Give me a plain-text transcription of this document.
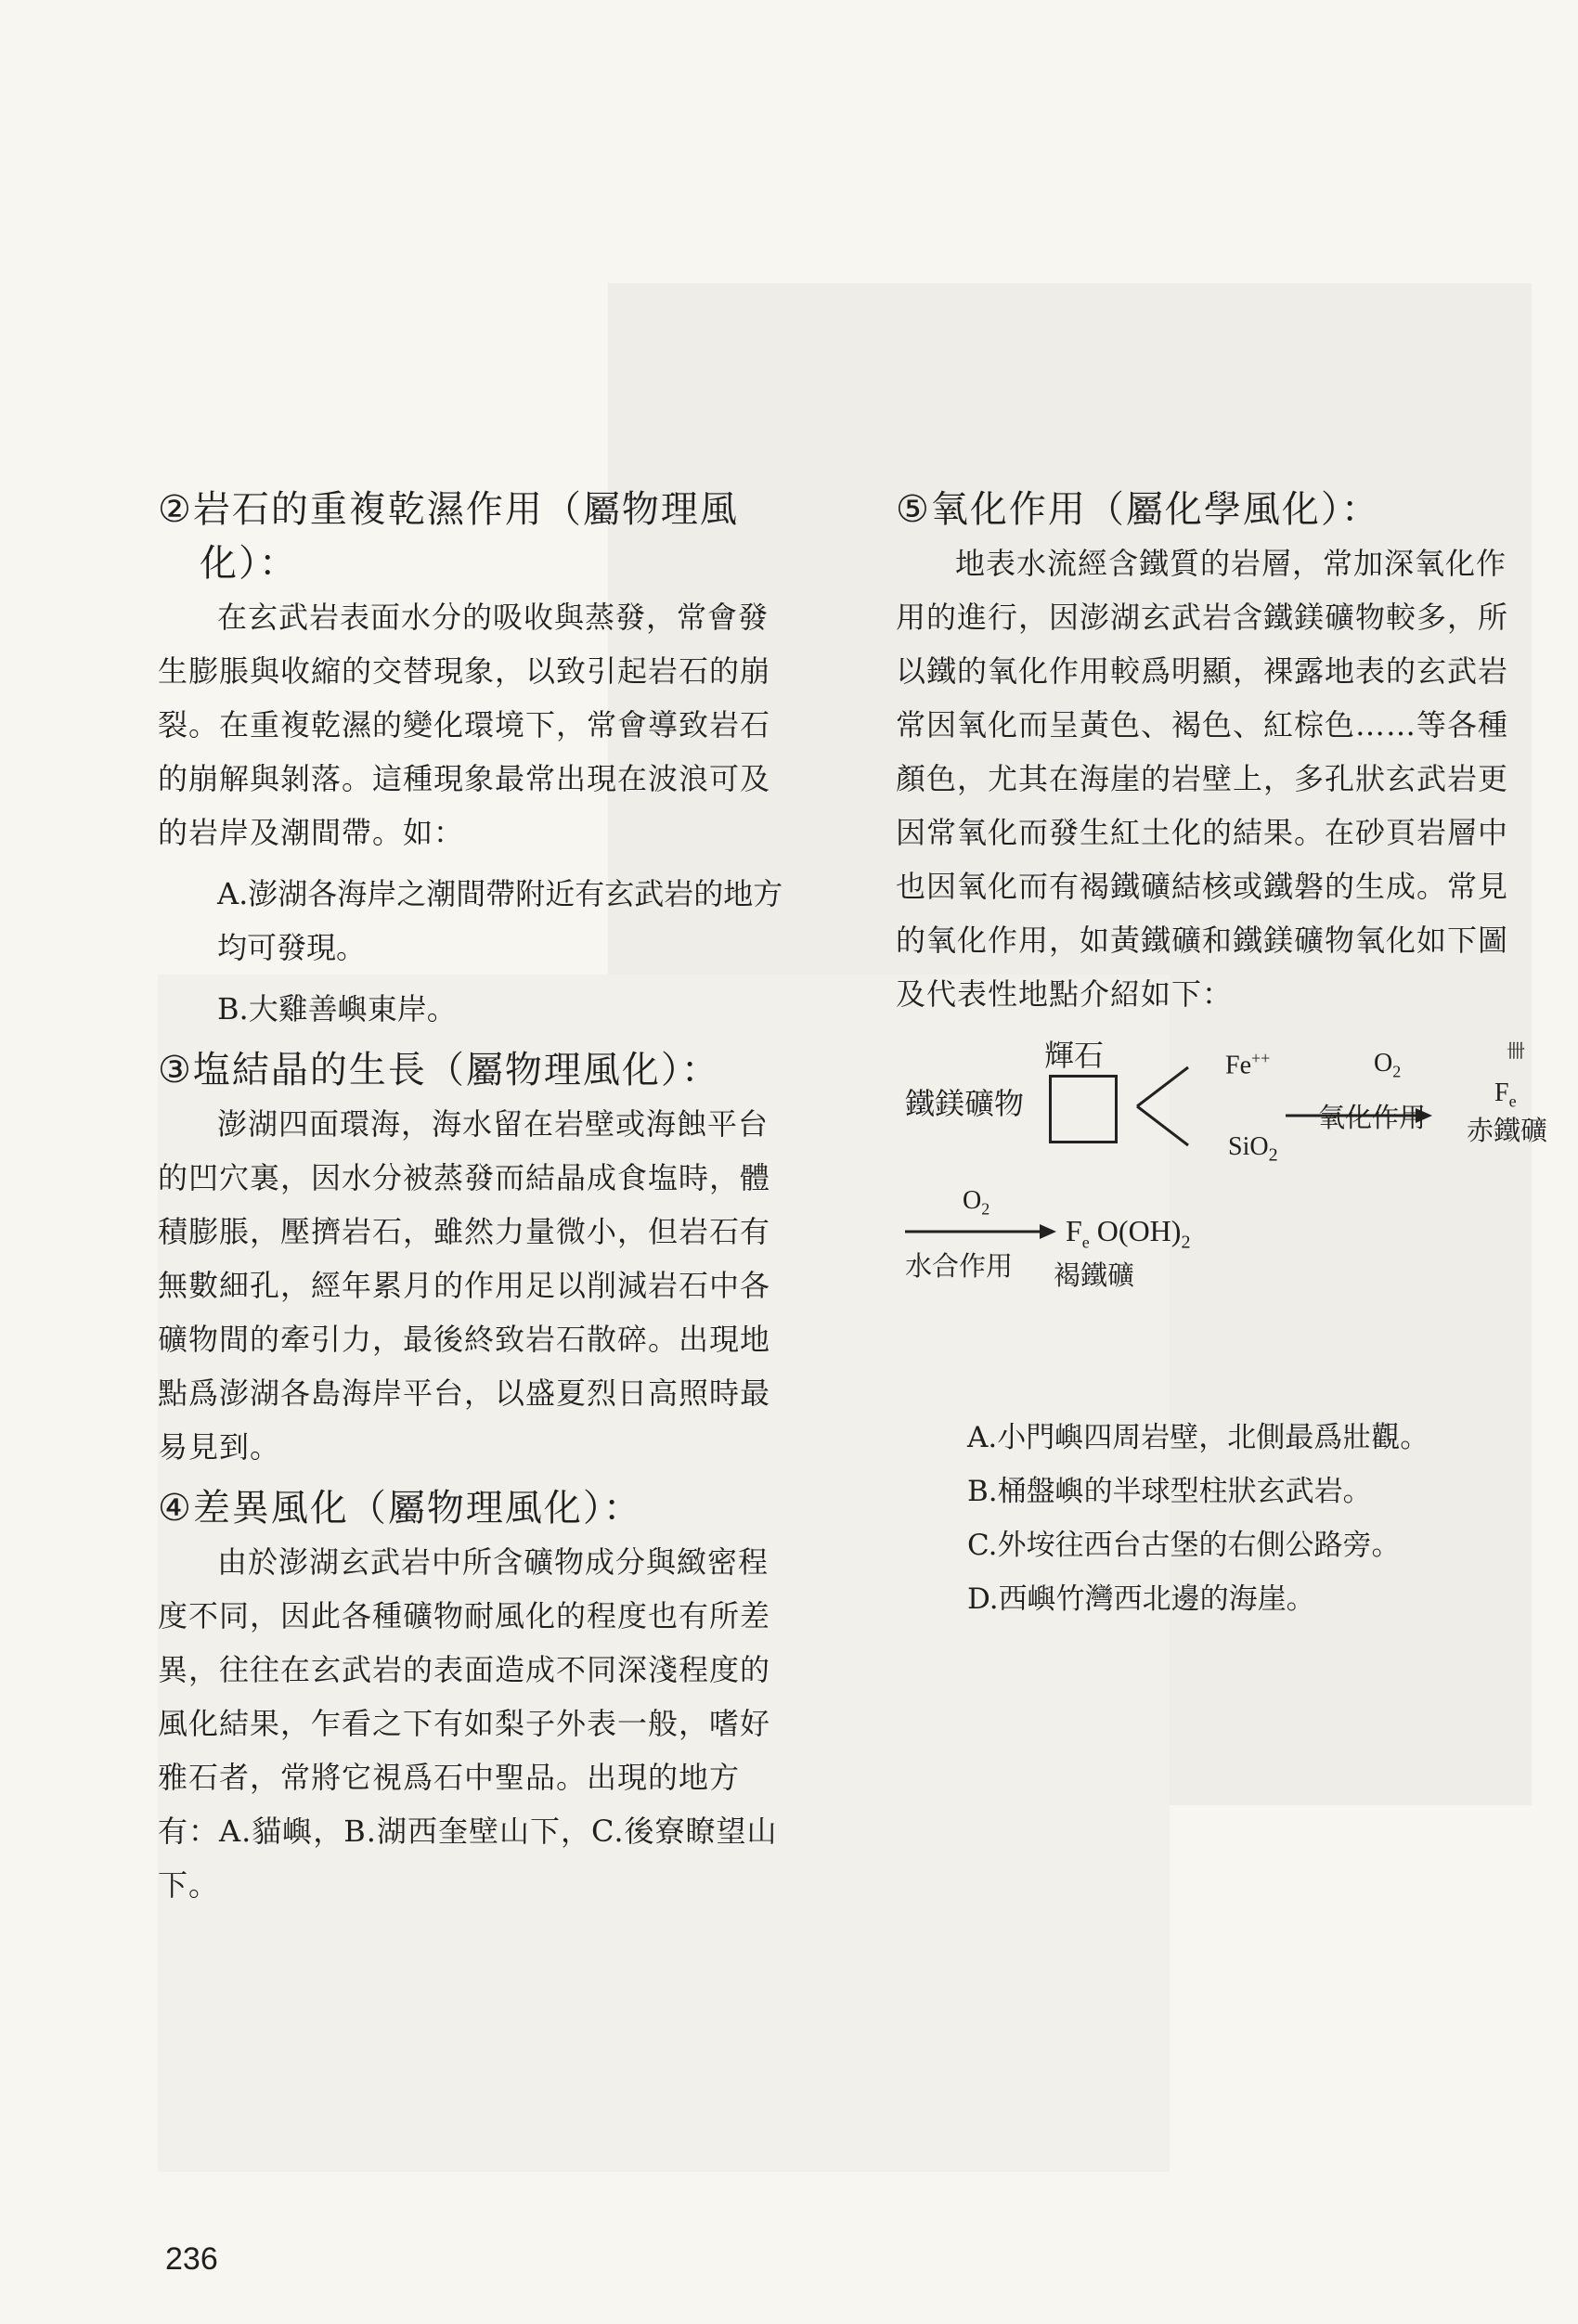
②岩石的重複乾濕作用（屬物理風
化）：

在玄武岩表面水分的吸收與蒸發，常會發生膨脹與收縮的交替現象，以致引起岩石的崩裂。在重複乾濕的變化環境下，常會導致岩石的崩解與剝落。這種現象最常出現在波浪可及的岩岸及潮間帶。如：

A.澎湖各海岸之潮間帶附近有玄武岩的地方均可發現。

B.大雞善嶼東岸。

③塩結晶的生長（屬物理風化）：

澎湖四面環海，海水留在岩壁或海蝕平台的凹穴裏，因水分被蒸發而結晶成食塩時，體積膨脹，壓擠岩石，雖然力量微小，但岩石有無數細孔，經年累月的作用足以削減岩石中各礦物間的牽引力，最後終致岩石散碎。出現地點爲澎湖各島海岸平台，以盛夏烈日高照時最易見到。

④差異風化（屬物理風化）：

由於澎湖玄武岩中所含礦物成分與緻密程度不同，因此各種礦物耐風化的程度也有所差異，往往在玄武岩的表面造成不同深淺程度的風化結果，乍看之下有如梨子外表一般，嗜好雅石者，常將它視爲石中聖品。出現的地方有：A.貓嶼，B.湖西奎壁山下，C.後寮瞭望山下。

⑤氧化作用（屬化學風化）：

地表水流經含鐵質的岩層，常加深氧化作用的進行，因澎湖玄武岩含鐵鎂礦物較多，所以鐵的氧化作用較爲明顯，裸露地表的玄武岩常因氧化而呈黃色、褐色、紅棕色……等各種顏色，尤其在海崖的岩壁上，多孔狀玄武岩更因常氧化而發生紅土化的結果。在砂頁岩層中也因氧化而有褐鐵礦結核或鐵磐的生成。常見的氧化作用，如黃鐵礦和鐵鎂礦物氧化如下圖及代表性地點介紹如下：

輝石
鐵鎂礦物
Fe++
SiO$_2$
$O_2$
氧化作用
卌
$F_e$
赤鐵礦
$O_2$
水合作用
$F_e$ $O(OH)_2$
褐鐵礦

A.小門嶼四周岩壁，北側最爲壯觀。

B.桶盤嶼的半球型柱狀玄武岩。

C.外垵往西台古堡的右側公路旁。

D.西嶼竹灣西北邊的海崖。

236
